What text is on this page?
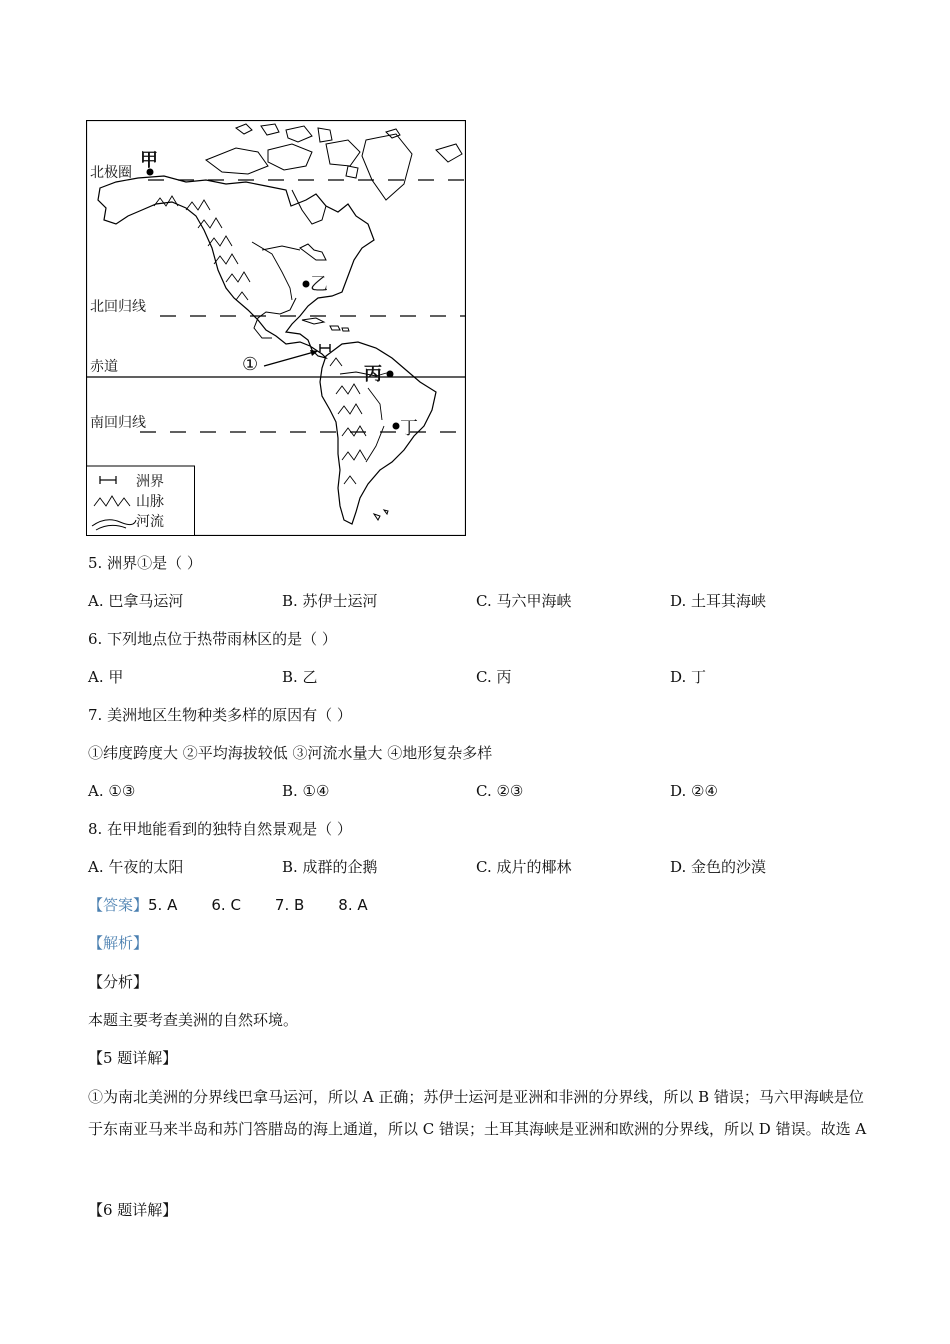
北极圈
北回归线
赤道
南回归线
甲
乙
丙
丁
①
洲界
山脉
河流
5. 洲界①是（ ）
A. 巴拿马运河	B. 苏伊士运河	C. 马六甲海峡	D. 土耳其海峡
6. 下列地点位于热带雨林区的是（ ）
A. 甲	B. 乙	C. 丙	D. 丁
7. 美洲地区生物种类多样的原因有（ ）
①纬度跨度大 ②平均海拔较低 ③河流水量大 ④地形复杂多样
A. ①③	B. ①④	C. ②③	D. ②④
8. 在甲地能看到的独特自然景观是（ ）
A. 午夜的太阳	B. 成群的企鹅	C. 成片的椰林	D. 金色的沙漠
【答案】5. A 6. C 7. B 8. A
【解析】
【分析】
本题主要考查美洲的自然环境。
【5 题详解】
①为南北美洲的分界线巴拿马运河，所以 A 正确；苏伊士运河是亚洲和非洲的分界线，所以 B 错误；马六甲海峡是位于东南亚马来半岛和苏门答腊岛的海上通道，所以 C 错误；土耳其海峡是亚洲和欧洲的分界线，所以 D 错误。故选 A
【6 题详解】
